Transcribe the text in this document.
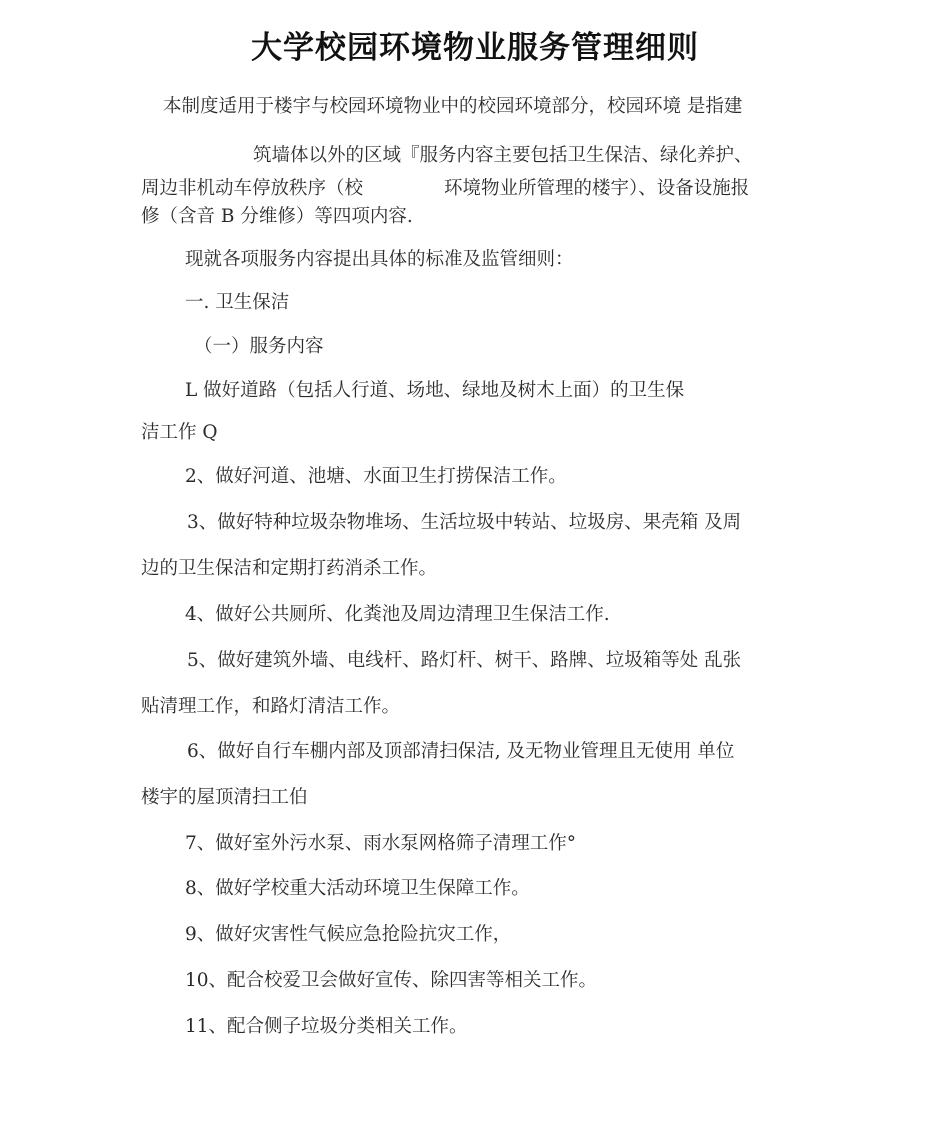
大学校园环境物业服务管理细则
本制度适用于楼宇与校园环境物业中的校园环境部分，校园环境 是指建
筑墙体以外的区域『服务内容主要包括卫生保洁、绿化养护、
周边非机动车停放秩序（校	环境物业所管理的楼宇）、设备设施报
修（含音 B 分维修）等四项内容.
现就各项服务内容提出具体的标准及监管细则：
一. 卫生保洁
（一）服务内容
L 做好道路（包括人行道、场地、绿地及树木上面）的卫生保
洁工作 Q
2、做好河道、池塘、水面卫生打捞保洁工作。
3、做好特种垃圾杂物堆场、生活垃圾中转站、垃圾房、果壳箱 及周
边的卫生保洁和定期打药消杀工作。
4、做好公共厕所、化粪池及周边清理卫生保洁工作.
5、做好建筑外墙、电线杆、路灯杆、树干、路牌、垃圾箱等处 乱张
贴清理工作，和路灯清洁工作。
6、做好自行车棚内部及顶部清扫保洁, 及无物业管理且无使用 单位
楼宇的屋顶清扫工伯
7、做好室外污水泵、雨水泵网格筛子清理工作°
8、做好学校重大活动环境卫生保障工作。
9、做好灾害性气候应急抢险抗灾工作，
10、配合校爱卫会做好宣传、除四害等相关工作。
11、配合侧子垃圾分类相关工作。
